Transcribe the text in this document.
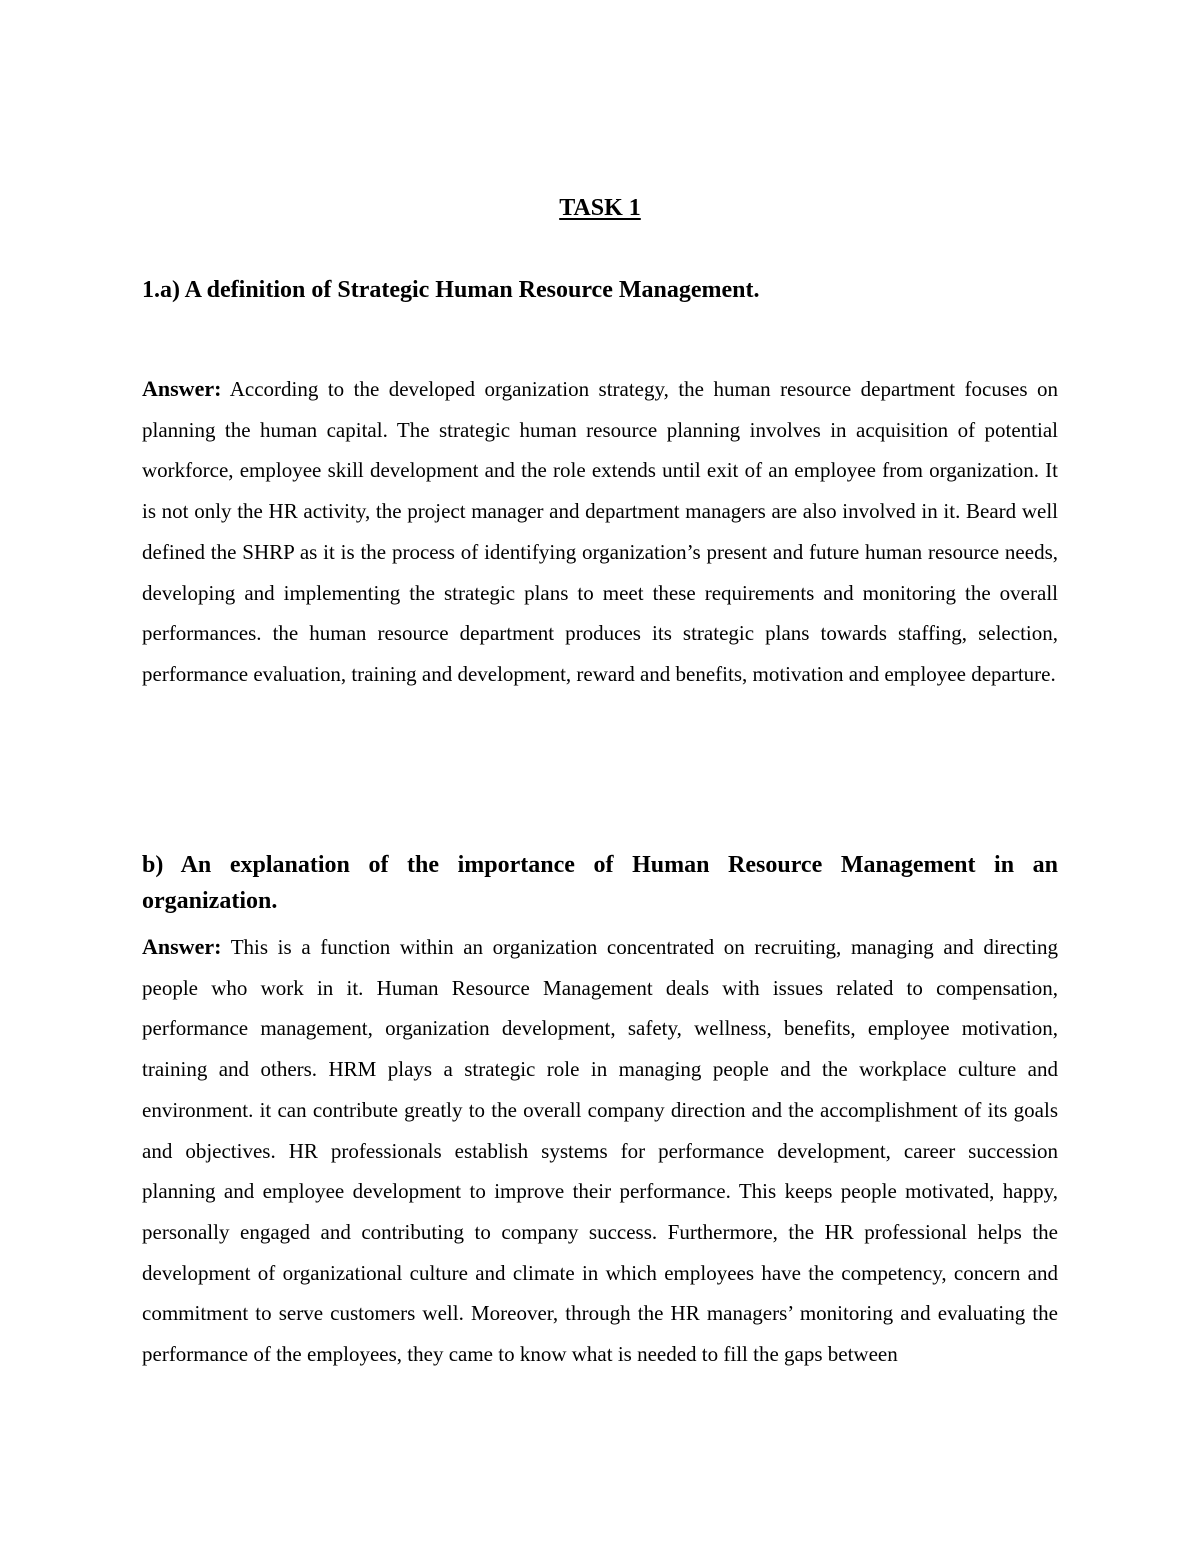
TASK 1

1.a) A definition of Strategic Human Resource Management.

Answer: According to the developed organization strategy, the human resource department focuses on planning the human capital. The strategic human resource planning involves in acquisition of potential workforce, employee skill development and the role extends until exit of an employee from organization. It is not only the HR activity, the project manager and department managers are also involved in it. Beard well defined the SHRP as it is the process of identifying organization’s present and future human resource needs, developing and implementing the strategic plans to meet these requirements and monitoring the overall performances. the human resource department produces its strategic plans towards staffing, selection, performance evaluation, training and development, reward and benefits, motivation and employee departure.

b) An explanation of the importance of Human Resource Management in an organization.

Answer: This is a function within an organization concentrated on recruiting, managing and directing people who work in it. Human Resource Management deals with issues related to compensation, performance management, organization development, safety, wellness, benefits, employee motivation, training and others. HRM plays a strategic role in managing people and the workplace culture and environment. it can contribute greatly to the overall company direction and the accomplishment of its goals and objectives. HR professionals establish systems for performance development, career succession planning and employee development to improve their performance. This keeps people motivated, happy, personally engaged and contributing to company success. Furthermore, the HR professional helps the development of organizational culture and climate in which employees have the competency, concern and commitment to serve customers well. Moreover, through the HR managers’ monitoring and evaluating the performance of the employees, they came to know what is needed to fill the gaps between
